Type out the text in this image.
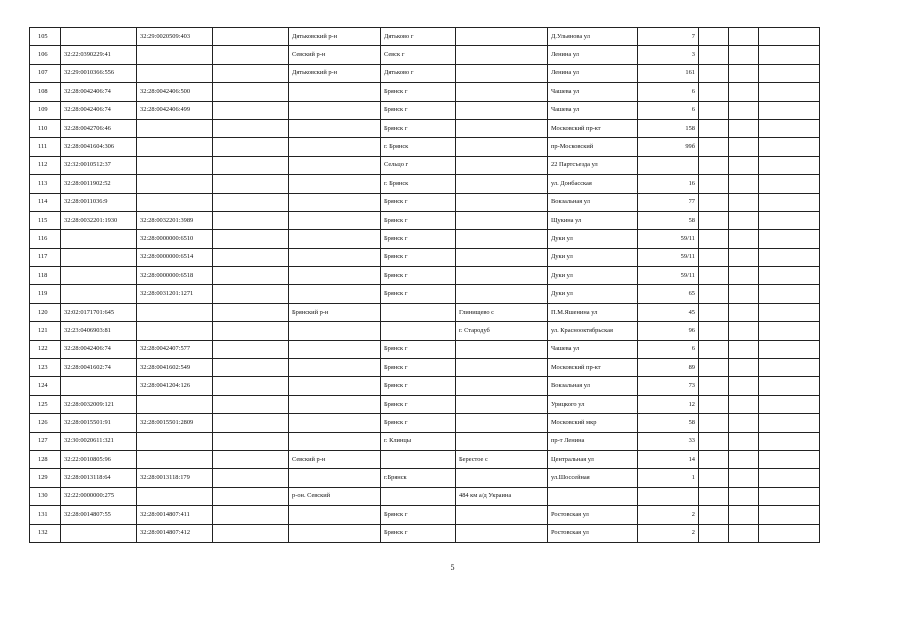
105		32:29:0020509:403		Дятьковский р-н	Дятьково г		Д.Ульянова ул	7			
106	32:22:0390229:41			Севский р-н	Севск г		Ленина ул	3			
107	32:29:0010366:556			Дятьковский р-н	Дятьково г		Ленина ул	161			
108	32:28:0042406:74	32:28:0042406:500			Брянск г		Чашева ул	6			
109	32:28:0042406:74	32:28:0042406:499			Брянск г		Чашева ул	6			
110	32:28:0042706:46				Брянск г		Московский пр-кт	158			
111	32:28:0041604:306				г. Брянск		пр-Московский	99б			
112	32:32:0010512:37				Сельцо г		22 Партсъезда ул				
113	32:28:0011902:52				г. Брянск		ул. Донбасская	16			
114	32:28:0011036:9				Брянск г		Вокзальная ул	77			
115	32:28:0032201:1930	32:28:0032201:3989			Брянск г		Щукина ул	58			
116		32:28:0000000:6510			Брянск г		Дуки ул	59/11			
117		32:28:0000000:6514			Брянск г		Дуки ул	59/11			
118		32:28:0000000:6518			Брянск г		Дуки ул	59/11			
119		32:28:0031201:1271			Брянск г		Дуки ул	65			
120	32:02:0171701:645			Брянский р-н		Глинищево с	П.М.Яшенина ул	45			
121	32:23:0406903:81					г. Стародуб	ул. Краснооктябрьская	96			
122	32:28:0042406:74	32:28:0042407:577			Брянск г		Чашева ул	6			
123	32:28:0041602:74	32:28:0041602:549			Брянск г		Московский пр-кт	89			
124		32:28:0041204:126			Брянск г		Вокзальная ул	73			
125	32:28:0032009:121				Брянск г		Урицкого ул	12			
126	32:28:0015501:91	32:28:0015501:2809			Брянск г		Московский мкр	58			
127	32:30:0020611:321				г. Клинцы		пр-т Ленина	33			
128	32:22:0010805:96			Севский р-н		Берестое с	Центральная ул	14			
129	32:28:0013118:64	32:28:0013118:179			г.Брянск		ул.Шоссейная	1			
130	32:22:0000000:275			р-он. Севский		484 км а/д Украина					
131	32:28:0014807:55	32:28:0014807:411			Брянск г		Ростовская ул	2			
132		32:28:0014807:412			Брянск г		Ростовская ул	2			
5
